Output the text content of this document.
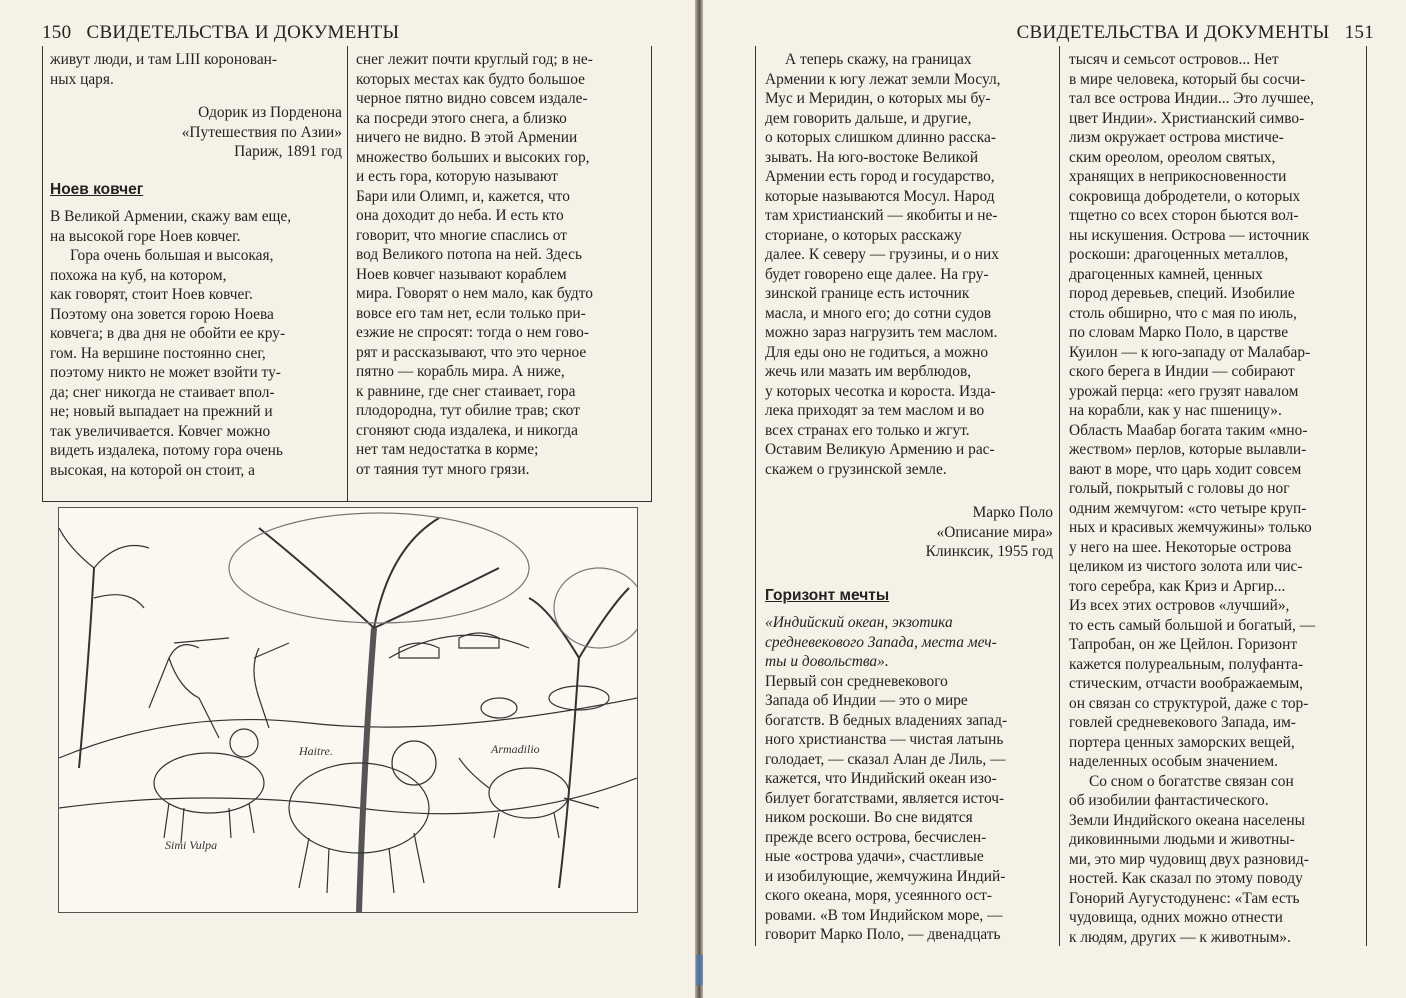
150 СВИДЕТЕЛЬСТВА И ДОКУМЕНТЫ

живут люди, и там LIII коронован-

ных царя.

Одорик из Порденона

«Путешествия по Азии»

Париж, 1891 год

Ноев ковчег

В Великой Армении, скажу вам еще,

на высокой горе Ноев ковчег.

Гора очень большая и высокая,

похожа на куб, на котором,

как говорят, стоит Ноев ковчег.

Поэтому она зовется горою Ноева

ковчега; в два дня не обойти ее кру-

гом. На вершине постоянно снег,

поэтому никто не может взойти ту-

да; снег никогда не стаивает впол-

не; новый выпадает на прежний и

так увеличивается. Ковчег можно

видеть издалека, потому гора очень

высокая, на которой он стоит, а

снег лежит почти круглый год; в не-

которых местах как будто большое

черное пятно видно совсем издале-

ка посреди этого снега, а близко

ничего не видно. В этой Армении

множество больших и высоких гор,

и есть гора, которую называют

Бари или Олимп, и, кажется, что

она доходит до неба. И есть кто

говорит, что многие спаслись от

вод Великого потопа на ней. Здесь

Ноев ковчег называют кораблем

мира. Говорят о нем мало, как будто

вовсе его там нет, если только при-

езжие не спросят: тогда о нем гово-

рят и рассказывают, что это черное

пятно — корабль мира. А ниже,

к равнине, где снег стаивает, гора

плодородна, тут обилие трав; скот

сгоняют сюда издалека, и никогда

нет там недостатка в корме;

от таяния тут много грязи.

Haitre.	Armadilio
Simi Vulpa
СВИДЕТЕЛЬСТВА И ДОКУМЕНТЫ 151

А теперь скажу, на границах

Армении к югу лежат земли Мосул,

Мус и Меридин, о которых мы бу-

дем говорить дальше, и другие,

о которых слишком длинно расска-

зывать. На юго-востоке Великой

Армении есть город и государство,

которые называются Мосул. Народ

там христианский — якобиты и не-

сториане, о которых расскажу

далее. К северу — грузины, и о них

будет говорено еще далее. На гру-

зинской границе есть источник

масла, и много его; до сотни судов

можно зараз нагрузить тем маслом.

Для еды оно не годиться, а можно

жечь или мазать им верблюдов,

у которых чесотка и короста. Изда-

лека приходят за тем маслом и во

всех странах его только и жгут.

Оставим Великую Армению и рас-

скажем о грузинской земле.

Марко Поло

«Описание мира»

Клинксик, 1955 год

Горизонт мечты

«Индийский океан, экзотика

средневекового Запада, места меч-

ты и довольства».

Первый сон средневекового

Запада об Индии — это о мире

богатств. В бедных владениях запад-

ного христианства — чистая латынь

голодает, — сказал Алан де Лиль, —

кажется, что Индийский океан изо-

билует богатствами, является источ-

ником роскоши. Во сне видятся

прежде всего острова, бесчислен-

ные «острова удачи», счастливые

и изобилующие, жемчужина Индий-

ского океана, моря, усеянного ост-

ровами. «В том Индийском море, —

говорит Марко Поло, — двенадцать

тысяч и семьсот островов... Нет

в мире человека, который бы сосчи-

тал все острова Индии... Это лучшее,

цвет Индии». Христианский симво-

лизм окружает острова мистиче-

ским ореолом, ореолом святых,

хранящих в неприкосновенности

сокровища добродетели, о которых

тщетно со всех сторон бьются вол-

ны искушения. Острова — источник

роскоши: драгоценных металлов,

драгоценных камней, ценных

пород деревьев, специй. Изобилие

столь обширно, что с мая по июль,

по словам Марко Поло, в царстве

Куилон — к юго-западу от Малабар-

ского берега в Индии — собирают

урожай перца: «его грузят навалом

на корабли, как у нас пшеницу».

Область Маабар богата таким «мно-

жеством» перлов, которые вылавли-

вают в море, что царь ходит совсем

голый, покрытый с головы до ног

одним жемчугом: «сто четыре круп-

ных и красивых жемчужины» только

у него на шее. Некоторые острова

целиком из чистого золота или чис-

того серебра, как Криз и Аргир...

Из всех этих островов «лучший»,

то есть самый большой и богатый, —

Тапробан, он же Цейлон. Горизонт

кажется полуреальным, полуфанта-

стическим, отчасти воображаемым,

он связан со структурой, даже с тор-

говлей средневекового Запада, им-

портера ценных заморских вещей,

наделенных особым значением.

Со сном о богатстве связан сон

об изобилии фантастического.

Земли Индийского океана населены

диковинными людьми и животны-

ми, это мир чудовищ двух разновид-

ностей. Как сказал по этому поводу

Гонорий Аугустодуненс: «Там есть

чудовища, одних можно отнести

к людям, других — к животным».
